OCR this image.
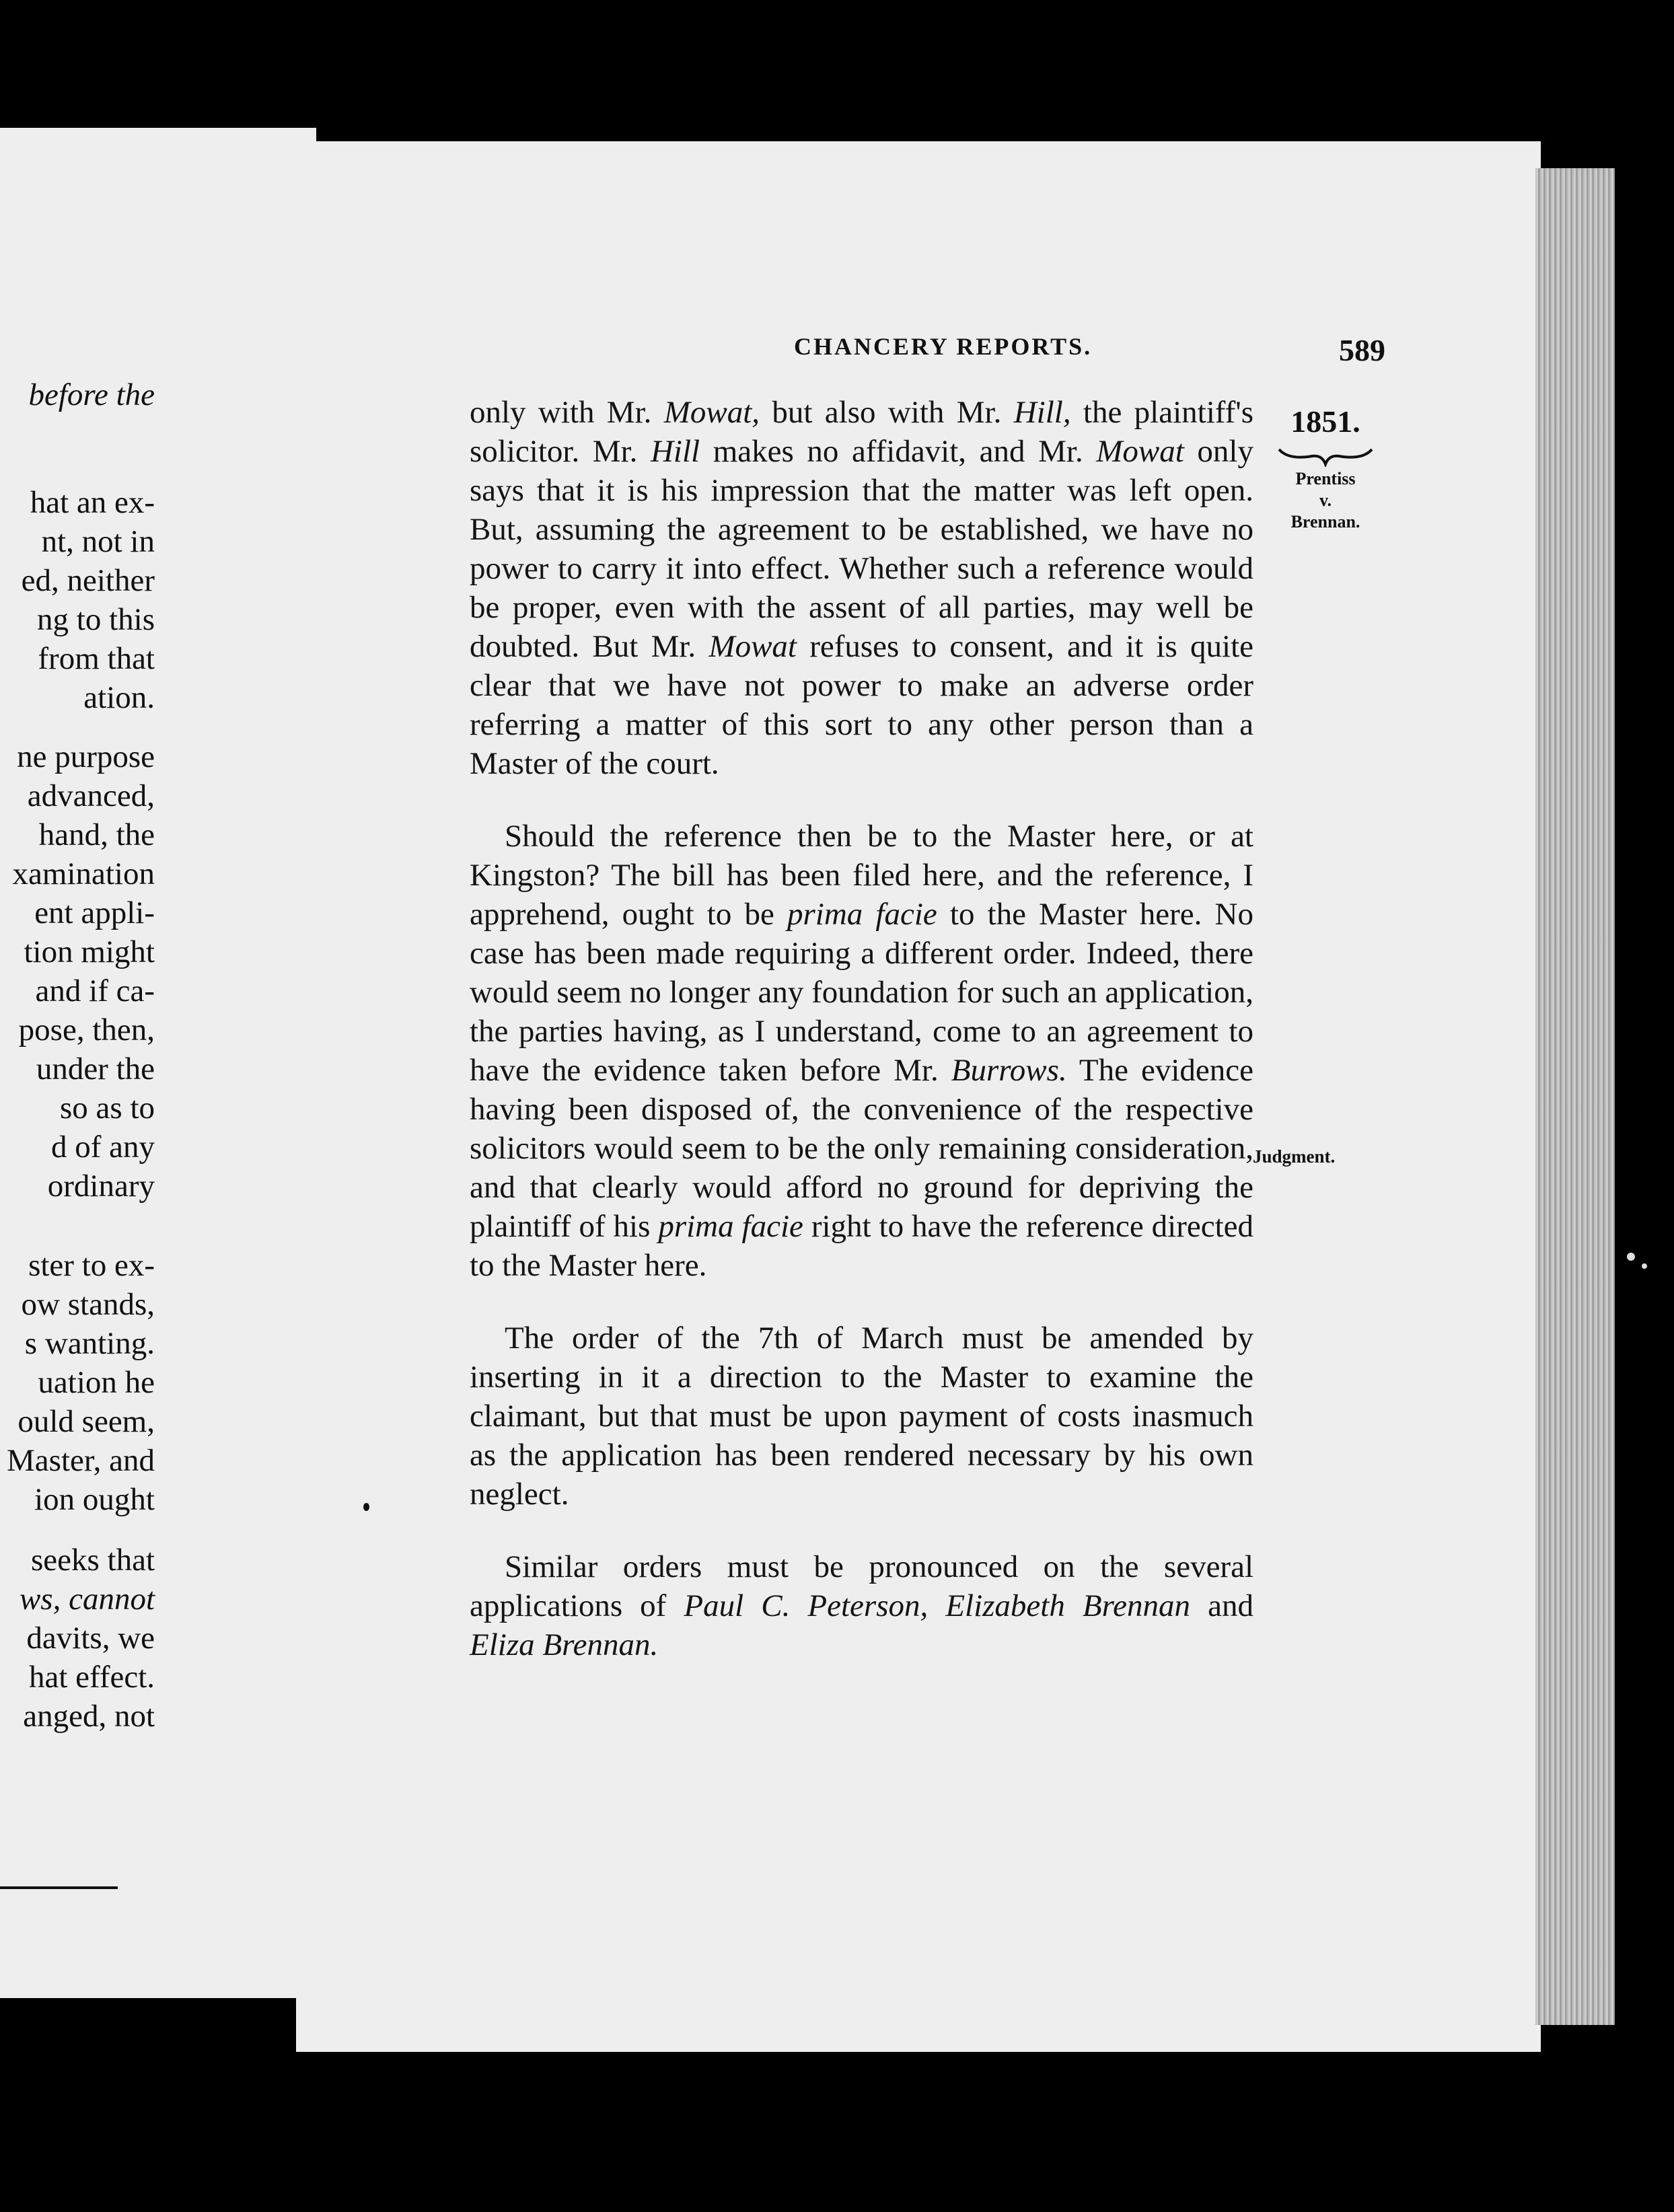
before the
hat an ex-
nt, not in
ed, neither
ng to this
from that
ation.
ne purpose
advanced,
hand, the
xamination
ent appli-
tion might
and if ca-
pose, then,
under the
so as to
d of any
ordinary
ster to ex-
ow stands,
s wanting.
uation he
ould seem,
Master, and
ion ought
seeks that
ws, cannot
davits, we
hat effect.
anged, not
CHANCERY REPORTS.	589
1851.
Prentiss
v.
Brennan.
Judgment.

only with Mr. Mowat, but also with Mr. Hill, the plaintiff's solicitor. Mr. Hill makes no affidavit, and Mr. Mowat only says that it is his impression that the matter was left open. But, assuming the agreement to be established, we have no power to carry it into effect. Whether such a reference would be proper, even with the assent of all parties, may well be doubted. But Mr. Mowat refuses to consent, and it is quite clear that we have not power to make an adverse order referring a matter of this sort to any other person than a Master of the court.

Should the reference then be to the Master here, or at Kingston? The bill has been filed here, and the reference, I apprehend, ought to be prima facie to the Master here. No case has been made requiring a different order. Indeed, there would seem no longer any foundation for such an application, the parties having, as I understand, come to an agreement to have the evidence taken before Mr. Burrows. The evidence having been disposed of, the convenience of the respective solicitors would seem to be the only remaining consideration, and that clearly would afford no ground for depriving the plaintiff of his prima facie right to have the reference directed to the Master here.

The order of the 7th of March must be amended by inserting in it a direction to the Master to examine the claimant, but that must be upon payment of costs inasmuch as the application has been rendered necessary by his own neglect.

Similar orders must be pronounced on the several applications of Paul C. Peterson, Elizabeth Brennan and Eliza Brennan.
